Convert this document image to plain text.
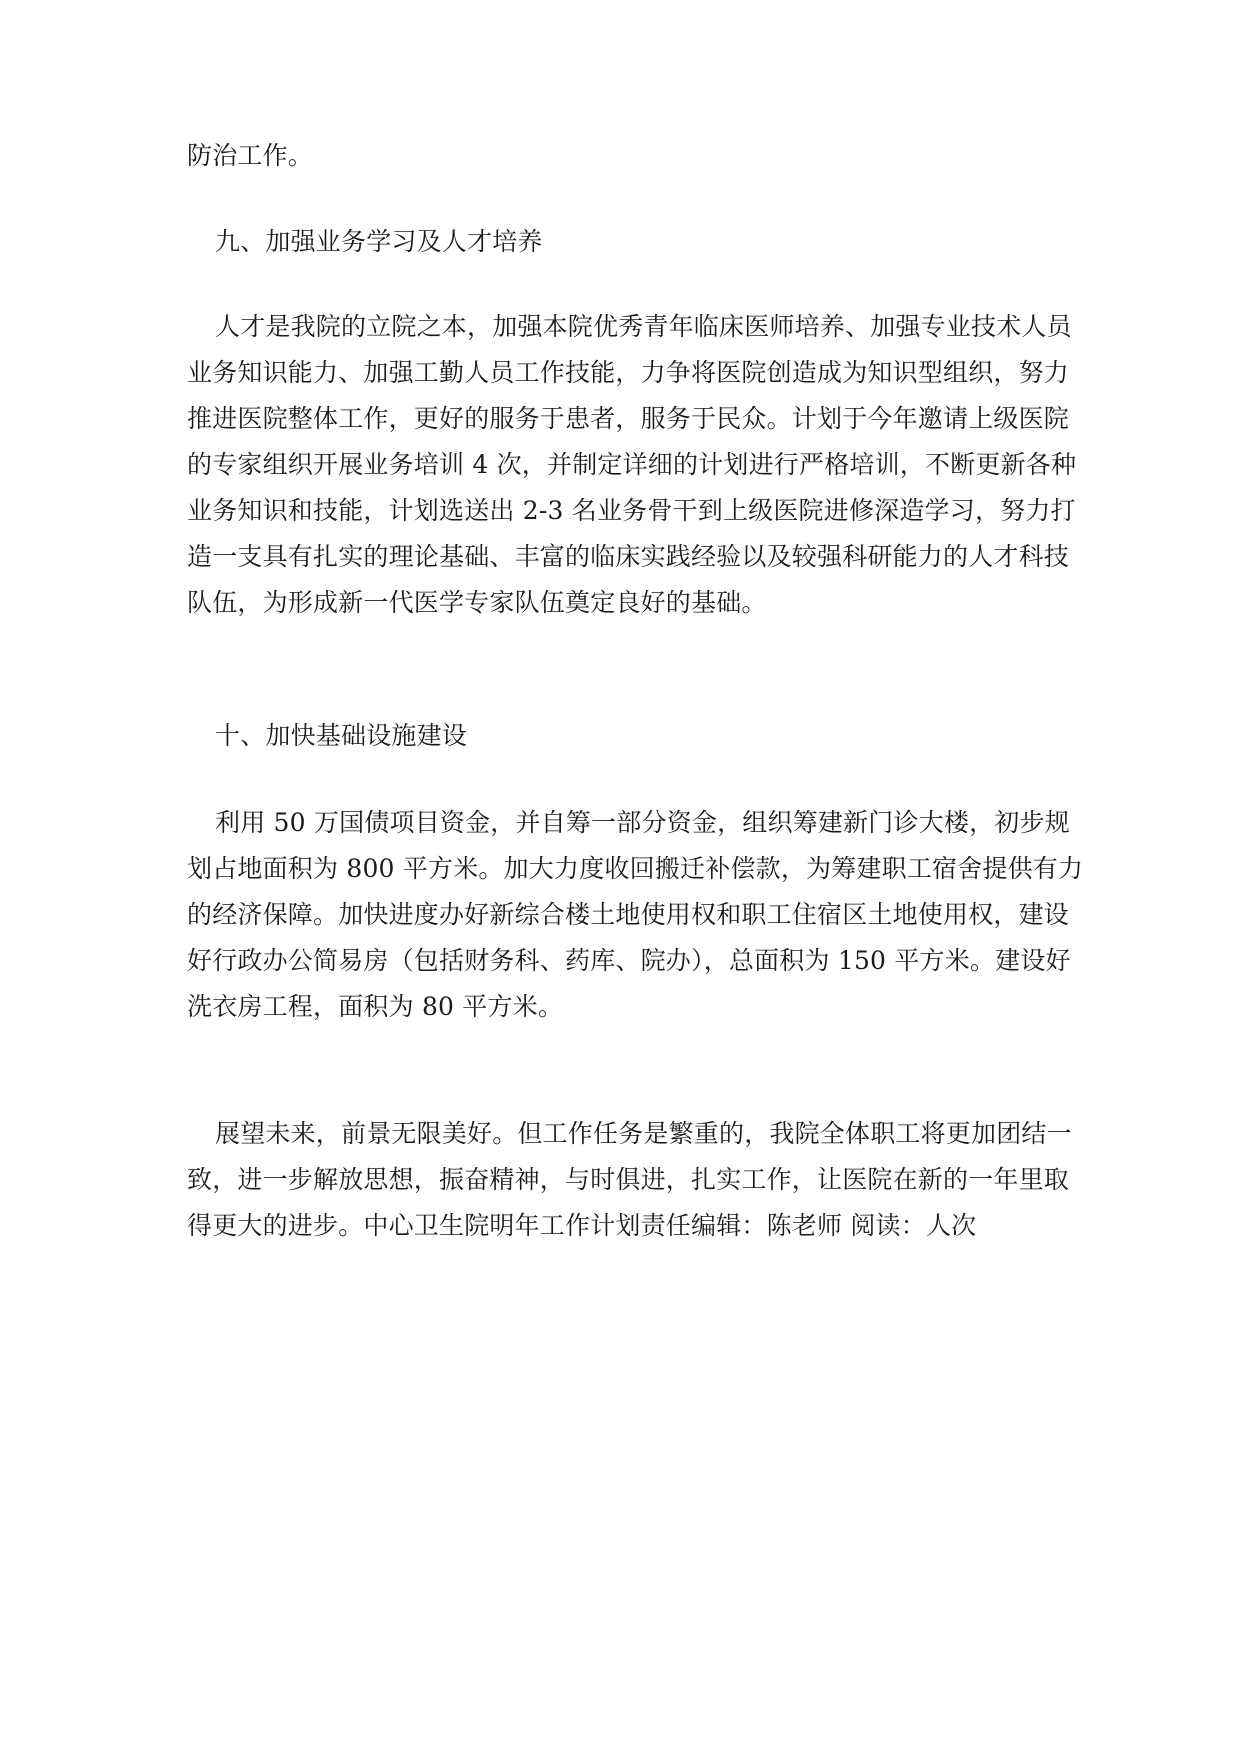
防治工作。

九、加强业务学习及人才培养

人才是我院的立院之本，加强本院优秀青年临床医师培养、加强专业技术人员
业务知识能力、加强工勤人员工作技能，力争将医院创造成为知识型组织，努力
推进医院整体工作，更好的服务于患者，服务于民众。计划于今年邀请上级医院
的专家组织开展业务培训 4 次，并制定详细的计划进行严格培训，不断更新各种
业务知识和技能，计划选送出 2-3 名业务骨干到上级医院进修深造学习，努力打
造一支具有扎实的理论基础、丰富的临床实践经验以及较强科研能力的人才科技
队伍，为形成新一代医学专家队伍奠定良好的基础。

十、加快基础设施建设

利用 50 万国债项目资金，并自筹一部分资金，组织筹建新门诊大楼，初步规
划占地面积为 800 平方米。加大力度收回搬迁补偿款，为筹建职工宿舍提供有力
的经济保障。加快进度办好新综合楼土地使用权和职工住宿区土地使用权，建设
好行政办公简易房（包括财务科、药库、院办），总面积为 150 平方米。建设好
洗衣房工程，面积为 80 平方米。

展望未来，前景无限美好。但工作任务是繁重的，我院全体职工将更加团结一
致，进一步解放思想，振奋精神，与时俱进，扎实工作，让医院在新的一年里取
得更大的进步。中心卫生院明年工作计划责任编辑：陈老师 阅读：人次
